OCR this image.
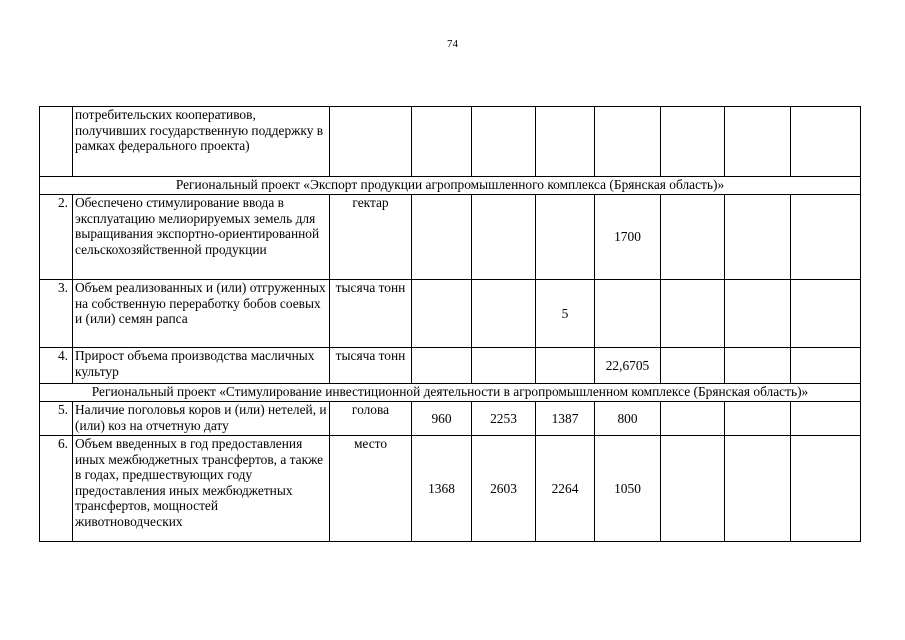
74
	потребительских кооперативов, получивших государственную поддержку в рамках федерального проекта)								
Региональный проект «Экспорт продукции агропромышленного комплекса (Брянская область)»									
2.	Обеспечено стимулирование ввода в эксплуатацию мелиорируемых земель для выращивания экспортно-ориентированной сельскохозяйственной продукции	гектар				1700			
3.	Объем реализованных и (или) отгруженных на собственную переработку бобов соевых и (или) семян рапса	тысяча тонн			5				
4.	Прирост объема производства масличных культур	тысяча тонн				22,6705			
Региональный проект «Стимулирование инвестиционной деятельности в агропромышленном комплексе (Брянская область)»									
5.	Наличие поголовья коров и (или) нетелей, и (или) коз на отчетную дату	голова	960	2253	1387	800			
6.	Объем введенных в год предоставления иных межбюджетных трансфертов, а также в годах, предшествующих году предоставления иных межбюджетных трансфертов, мощностей животноводческих	место	1368	2603	2264	1050			
